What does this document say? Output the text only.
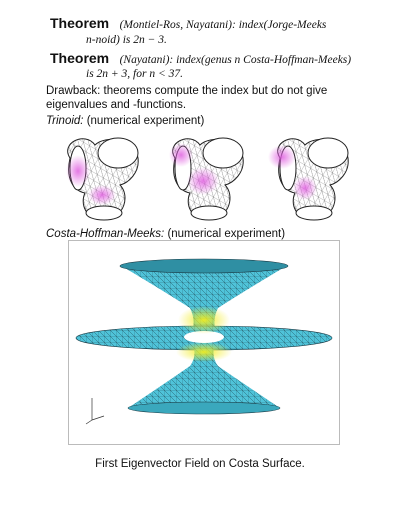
Theorem (Montiel-Ros, Nayatani): index(Jorge-Meeks
n-noid) is 2n − 3.
Theorem (Nayatani): index(genus n Costa-Hoffman-Meeks)
is 2n + 3, for n < 37.
Drawback: theorems compute the index but do not give
eigenvalues and -functions.
Trinoid: (numerical experiment)
Costa-Hoffman-Meeks: (numerical experiment)
First Eigenvector Field on Costa Surface.
